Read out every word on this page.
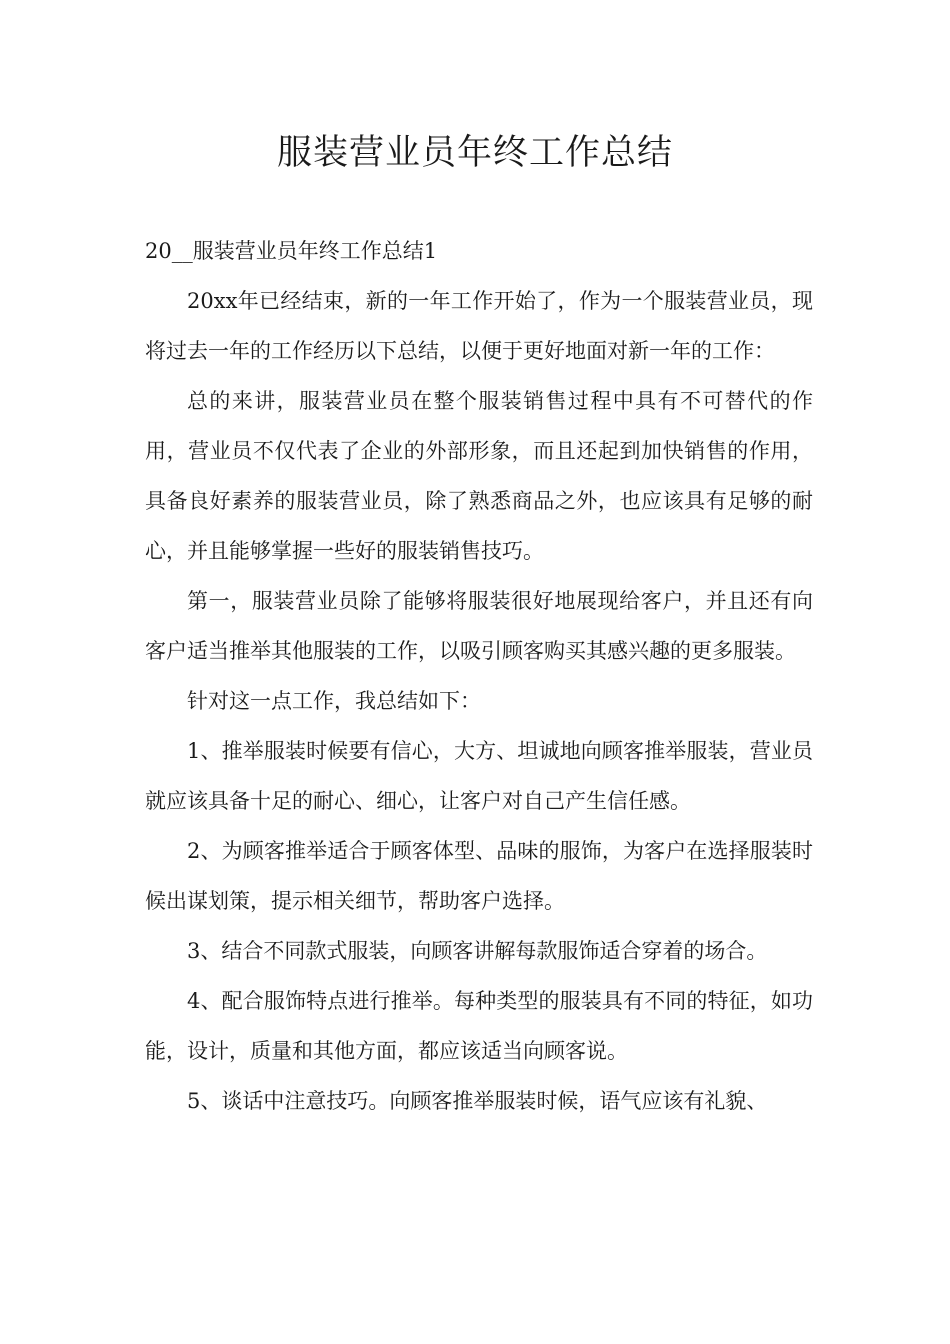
服装营业员年终工作总结

20__服装营业员年终工作总结1

20xx年已经结束，新的一年工作开始了，作为一个服装营业员，现将过去一年的工作经历以下总结，以便于更好地面对新一年的工作：

总的来讲，服装营业员在整个服装销售过程中具有不可替代的作用，营业员不仅代表了企业的外部形象，而且还起到加快销售的作用，具备良好素养的服装营业员，除了熟悉商品之外，也应该具有足够的耐心，并且能够掌握一些好的服装销售技巧。

第一，服装营业员除了能够将服装很好地展现给客户，并且还有向客户适当推举其他服装的工作，以吸引顾客购买其感兴趣的更多服装。

针对这一点工作，我总结如下：

1、推举服装时候要有信心，大方、坦诚地向顾客推举服装，营业员就应该具备十足的耐心、细心，让客户对自己产生信任感。

2、为顾客推举适合于顾客体型、品味的服饰，为客户在选择服装时候出谋划策，提示相关细节，帮助客户选择。

3、结合不同款式服装，向顾客讲解每款服饰适合穿着的场合。

4、配合服饰特点进行推举。每种类型的服装具有不同的特征，如功能，设计，质量和其他方面，都应该适当向顾客说。

5、谈话中注意技巧。向顾客推举服装时候，语气应该有礼貌、
